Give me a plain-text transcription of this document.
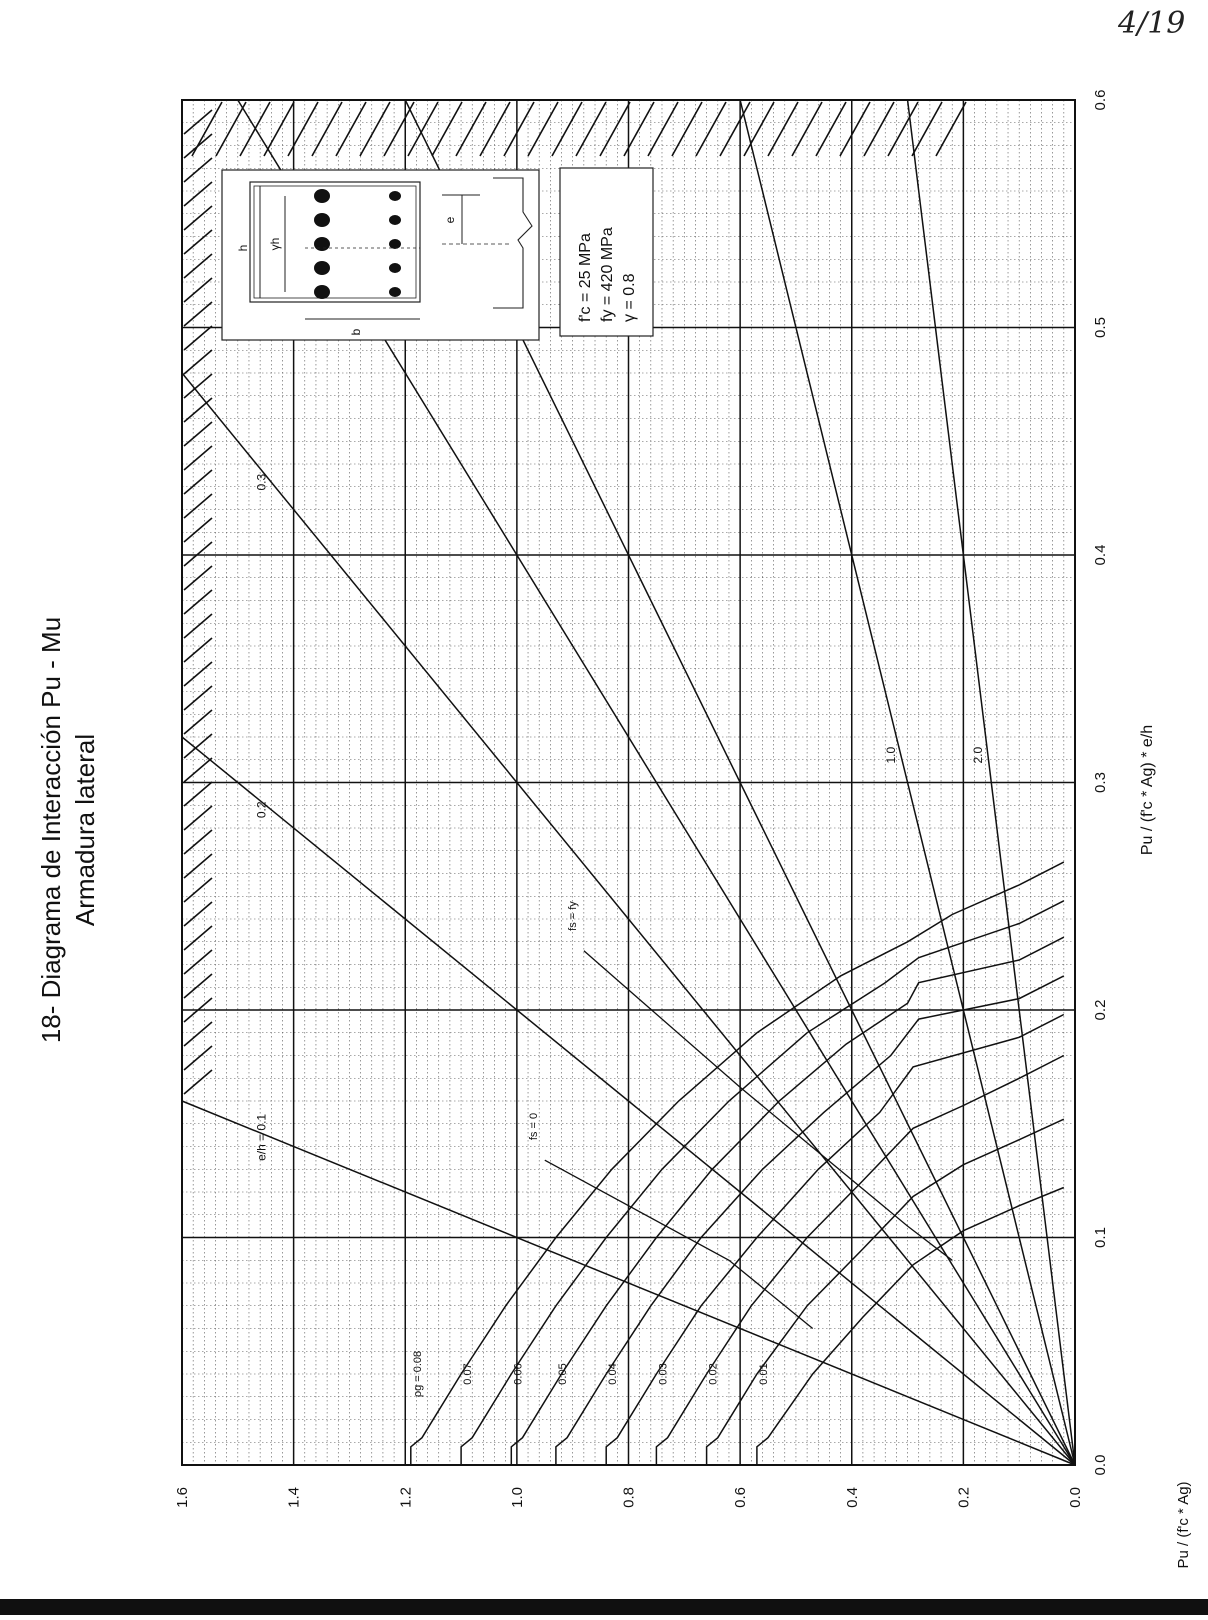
e/h = 0.1
0.2
0.3
1.0	2.0
ρg = 0.08	0.07	0.06	0.05	0.04	0.03	0.02	0.01
fs = 0
fs = fy
0.0
0.2
0.4
0.6
0.8
1.0
1.2
1.4
1.6
0.0
0.1
0.2
0.3
0.4
0.5
0.6
18- Diagrama de Interacción Pu - Mu Armadura lateral	Pu / (f'c * Ag) * e/h
Pu / (f'c * Ag)
h γh
b
e
f'c = 25 MPa fy = 420 MPa γ = 0.8
4/19
